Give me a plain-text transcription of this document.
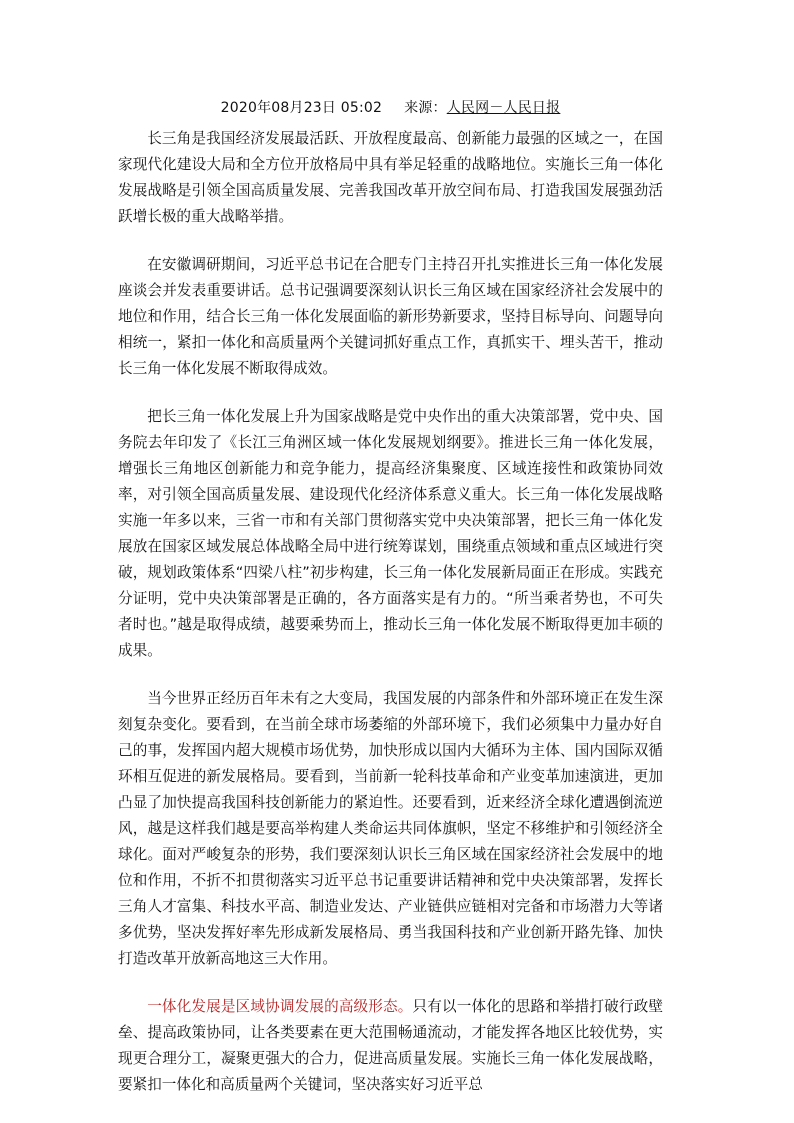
2020年08月23日 05:02 来源：人民网－人民日报

长三角是我国经济发展最活跃、开放程度最高、创新能力最强的区域之一，在国家现代化建设大局和全方位开放格局中具有举足轻重的战略地位。实施长三角一体化发展战略是引领全国高质量发展、完善我国改革开放空间布局、打造我国发展强劲活跃增长极的重大战略举措。

在安徽调研期间，习近平总书记在合肥专门主持召开扎实推进长三角一体化发展座谈会并发表重要讲话。总书记强调要深刻认识长三角区域在国家经济社会发展中的地位和作用，结合长三角一体化发展面临的新形势新要求，坚持目标导向、问题导向相统一，紧扣一体化和高质量两个关键词抓好重点工作，真抓实干、埋头苦干，推动长三角一体化发展不断取得成效。

把长三角一体化发展上升为国家战略是党中央作出的重大决策部署，党中央、国务院去年印发了《长江三角洲区域一体化发展规划纲要》。推进长三角一体化发展，增强长三角地区创新能力和竞争能力，提高经济集聚度、区域连接性和政策协同效率，对引领全国高质量发展、建设现代化经济体系意义重大。长三角一体化发展战略实施一年多以来，三省一市和有关部门贯彻落实党中央决策部署，把长三角一体化发展放在国家区域发展总体战略全局中进行统筹谋划，围绕重点领域和重点区域进行突破，规划政策体系“四梁八柱”初步构建，长三角一体化发展新局面正在形成。实践充分证明，党中央决策部署是正确的，各方面落实是有力的。“所当乘者势也，不可失者时也。”越是取得成绩，越要乘势而上，推动长三角一体化发展不断取得更加丰硕的成果。

当今世界正经历百年未有之大变局，我国发展的内部条件和外部环境正在发生深刻复杂变化。要看到，在当前全球市场萎缩的外部环境下，我们必须集中力量办好自己的事，发挥国内超大规模市场优势，加快形成以国内大循环为主体、国内国际双循环相互促进的新发展格局。要看到，当前新一轮科技革命和产业变革加速演进，更加凸显了加快提高我国科技创新能力的紧迫性。还要看到，近来经济全球化遭遇倒流逆风，越是这样我们越是要高举构建人类命运共同体旗帜，坚定不移维护和引领经济全球化。面对严峻复杂的形势，我们要深刻认识长三角区域在国家经济社会发展中的地位和作用，不折不扣贯彻落实习近平总书记重要讲话精神和党中央决策部署，发挥长三角人才富集、科技水平高、制造业发达、产业链供应链相对完备和市场潜力大等诸多优势，坚决发挥好率先形成新发展格局、勇当我国科技和产业创新开路先锋、加快打造改革开放新高地这三大作用。

一体化发展是区域协调发展的高级形态。只有以一体化的思路和举措打破行政壁垒、提高政策协同，让各类要素在更大范围畅通流动，才能发挥各地区比较优势，实现更合理分工，凝聚更强大的合力，促进高质量发展。实施长三角一体化发展战略，要紧扣一体化和高质量两个关键词，坚决落实好习近平总
